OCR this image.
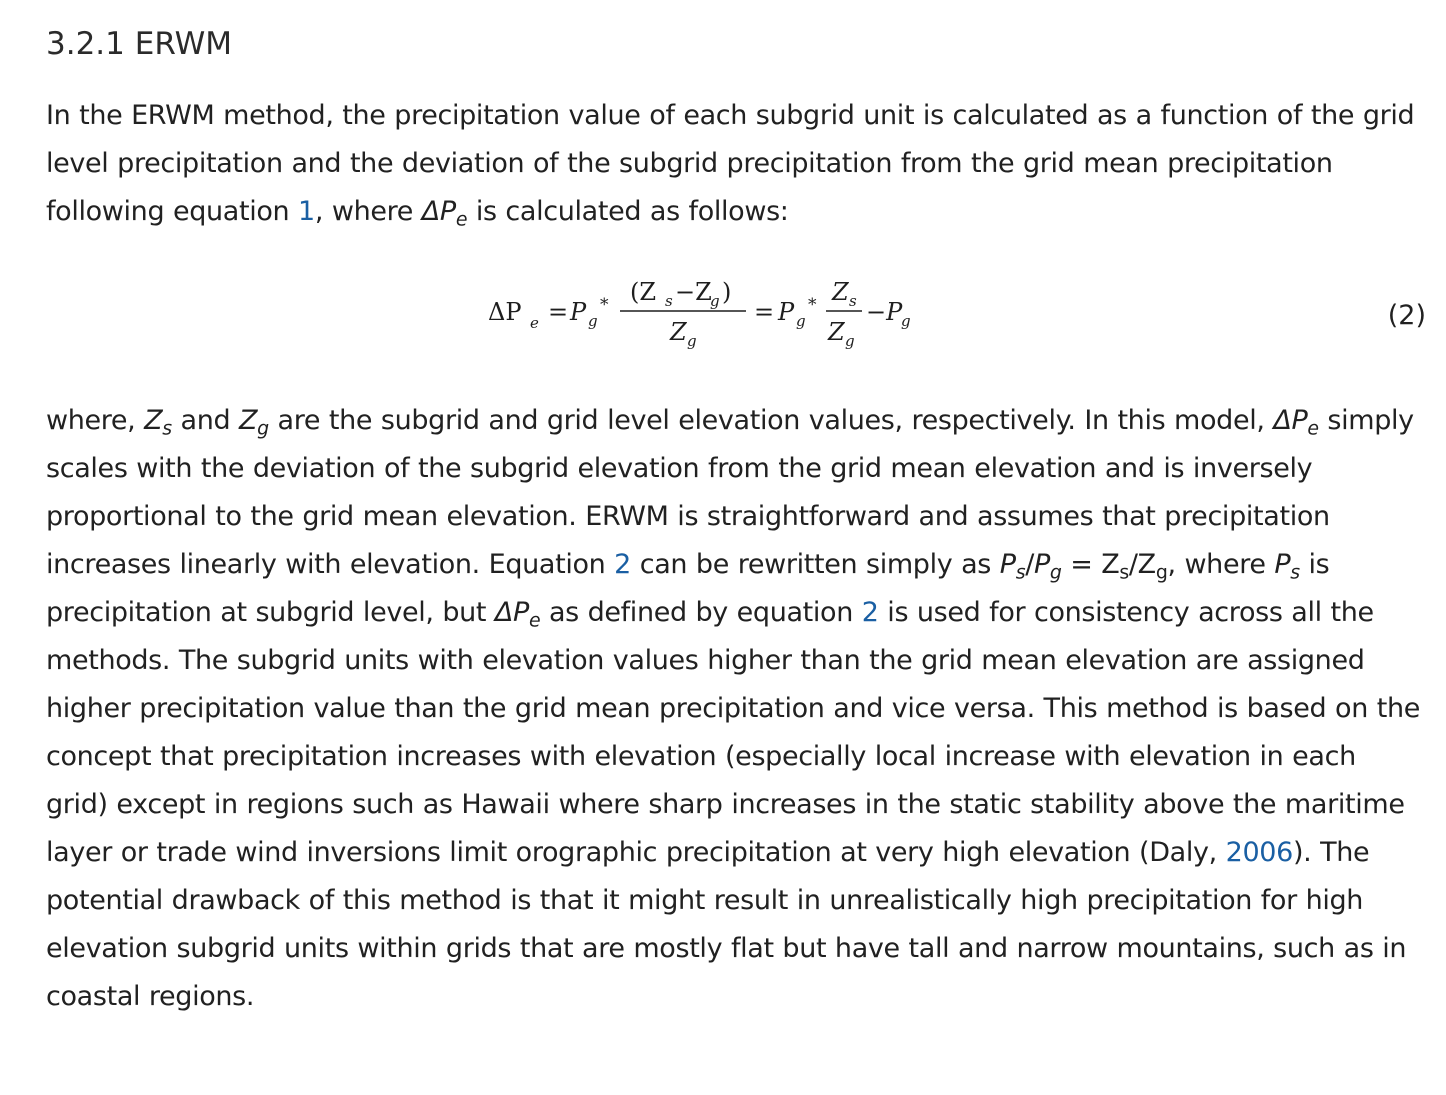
3.2.1 ERWM

In the ERWM method, the precipitation value of each subgrid unit is calculated as a function of the grid level precipitation and the deviation of the subgrid precipitation from the grid mean precipitation following equation 1, where $\Delta P_e$ is calculated as follows:

ΔP e = P g
* (Z s −Z
g )
Z g
= P g
* Z s
Z g
−P
g	(2)

where, $Z_s$ and $Z_g$ are the subgrid and grid level elevation values, respectively. In this model, $\Delta P_e$ simply scales with the deviation of the subgrid elevation from the grid mean elevation and is inversely proportional to the grid mean elevation. ERWM is straightforward and assumes that precipitation increases linearly with elevation. Equation 2 can be rewritten simply as $P_s/P_g = Z_s/Z_g$, where $P_s$ is precipitation at subgrid level, but $\Delta P_e$ as defined by equation 2 is used for consistency across all the methods. The subgrid units with elevation values higher than the grid mean elevation are assigned higher precipitation value than the grid mean precipitation and vice versa. This method is based on the concept that precipitation increases with elevation (especially local increase with elevation in each grid) except in regions such as Hawaii where sharp increases in the static stability above the maritime layer or trade wind inversions limit orographic precipitation at very high elevation (Daly, 2006). The potential drawback of this method is that it might result in unrealistically high precipitation for high elevation subgrid units within grids that are mostly flat but have tall and narrow mountains, such as in coastal regions.
